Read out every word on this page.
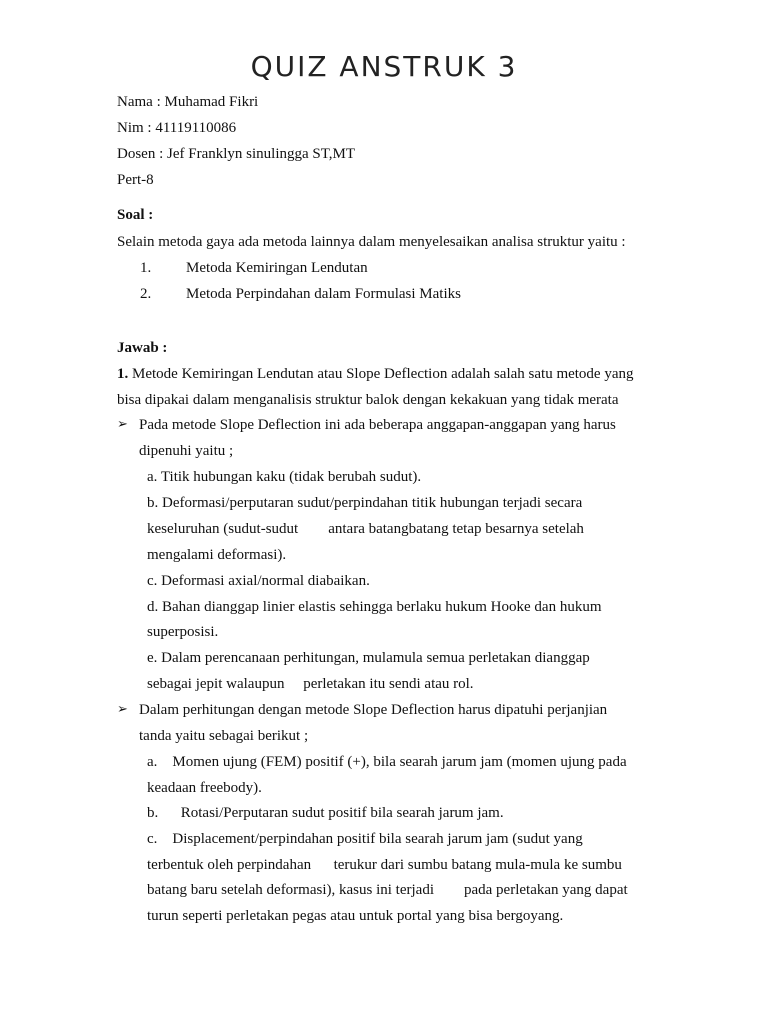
QUIZ ANSTRUK 3
Nama : Muhamad Fikri
Nim : 41119110086
Dosen : Jef Franklyn sinulingga ST,MT
Pert-8
Soal :
Selain metoda gaya ada metoda lainnya dalam menyelesaikan analisa struktur yaitu :
1. Metoda Kemiringan Lendutan
2. Metoda Perpindahan dalam Formulasi Matiks
Jawab :
1. Metode Kemiringan Lendutan atau Slope Deflection adalah salah satu metode yang
bisa dipakai dalam menganalisis struktur balok dengan kekakuan yang tidak merata
➢ Pada metode Slope Deflection ini ada beberapa anggapan-anggapan yang harus
dipenuhi yaitu ;
a. Titik hubungan kaku (tidak berubah sudut).
b. Deformasi/perputaran sudut/perpindahan titik hubungan terjadi secara
keseluruhan (sudut-sudut        antara batangbatang tetap besarnya setelah
mengalami deformasi).
c. Deformasi axial/normal diabaikan.
d. Bahan dianggap linier elastis sehingga berlaku hukum Hooke dan hukum
superposisi.
e. Dalam perencanaan perhitungan, mulamula semua perletakan dianggap
sebagai jepit walaupun     perletakan itu sendi atau rol.
➢ Dalam perhitungan dengan metode Slope Deflection harus dipatuhi perjanjian
tanda yaitu sebagai berikut ;
a.    Momen ujung (FEM) positif (+), bila searah jarum jam (momen ujung pada
keadaan freebody).
b.      Rotasi/Perputaran sudut positif bila searah jarum jam.
c.    Displacement/perpindahan positif bila searah jarum jam (sudut yang
terbentuk oleh perpindahan      terukur dari sumbu batang mula-mula ke sumbu
batang baru setelah deformasi), kasus ini terjadi        pada perletakan yang dapat
turun seperti perletakan pegas atau untuk portal yang bisa bergoyang.
